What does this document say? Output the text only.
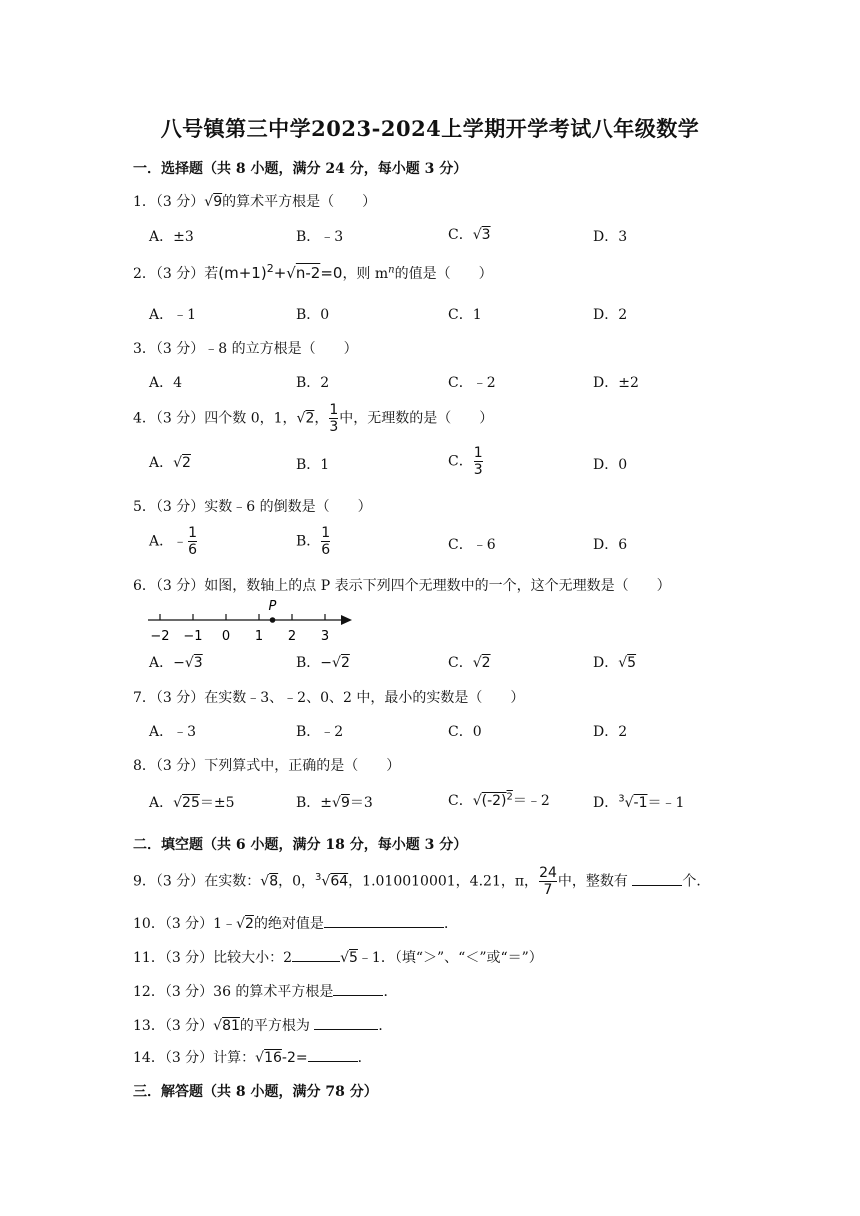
八号镇第三中学2023-2024上学期开学考试八年级数学
一．选择题（共 8 小题，满分 24 分，每小题 3 分）
1．（3 分）√9的算术平方根是（　　）
A．±3	B．﹣3	C．√3	D．3
2．（3 分）若$(m+1)^2+√n-2=0$，则 $m^n$的值是（　　）
A．﹣1	B．0	C．1	D．2
3．（3 分）﹣8 的立方根是（　　）
A．4	B．2	C．﹣2	D．±2
4．（3 分）四个数 0，1，√2， $\frac{1}{3}$ 中，无理数的是（　　）
A．√2	B．1	C． $\frac{1}{3}$	D．0
5．（3 分）实数﹣6 的倒数是（　　）
A．﹣ $\frac{1}{6}$	B． $\frac{1}{6}$	C．﹣6	D．6
6．（3 分）如图，数轴上的点 P 表示下列四个无理数中的一个，这个无理数是（　　）
−2 −1 0 1 2 3
P
A．−√3	B．−√2	C．√2	D．√5
7．（3 分）在实数﹣3、﹣2、0、2 中，最小的实数是（　　）
A．﹣3	B．﹣2	C．0	D．2
8．（3 分）下列算式中，正确的是（　　）
A．√25＝±5	B．±√9＝3	C．$√(-2)^2=﹣2$	D．$^3$√-1＝﹣1
二．填空题（共 6 小题，满分 18 分，每小题 3 分）
9．（3 分）在实数：√8，0，$^3$√64，1.010010001，4.21，π， $\frac{24}{7}$ 中，整数有	个．
10．（3 分）1﹣√2的绝对值是	．
11．（3 分）比较大小：2	√5﹣1．（填“＞”、“＜”或“＝”）
12．（3 分）36 的算术平方根是	．
13．（3 分）√81的平方根为	．
14．（3 分）计算：√16-2=	．
三．解答题（共 8 小题，满分 78 分）
